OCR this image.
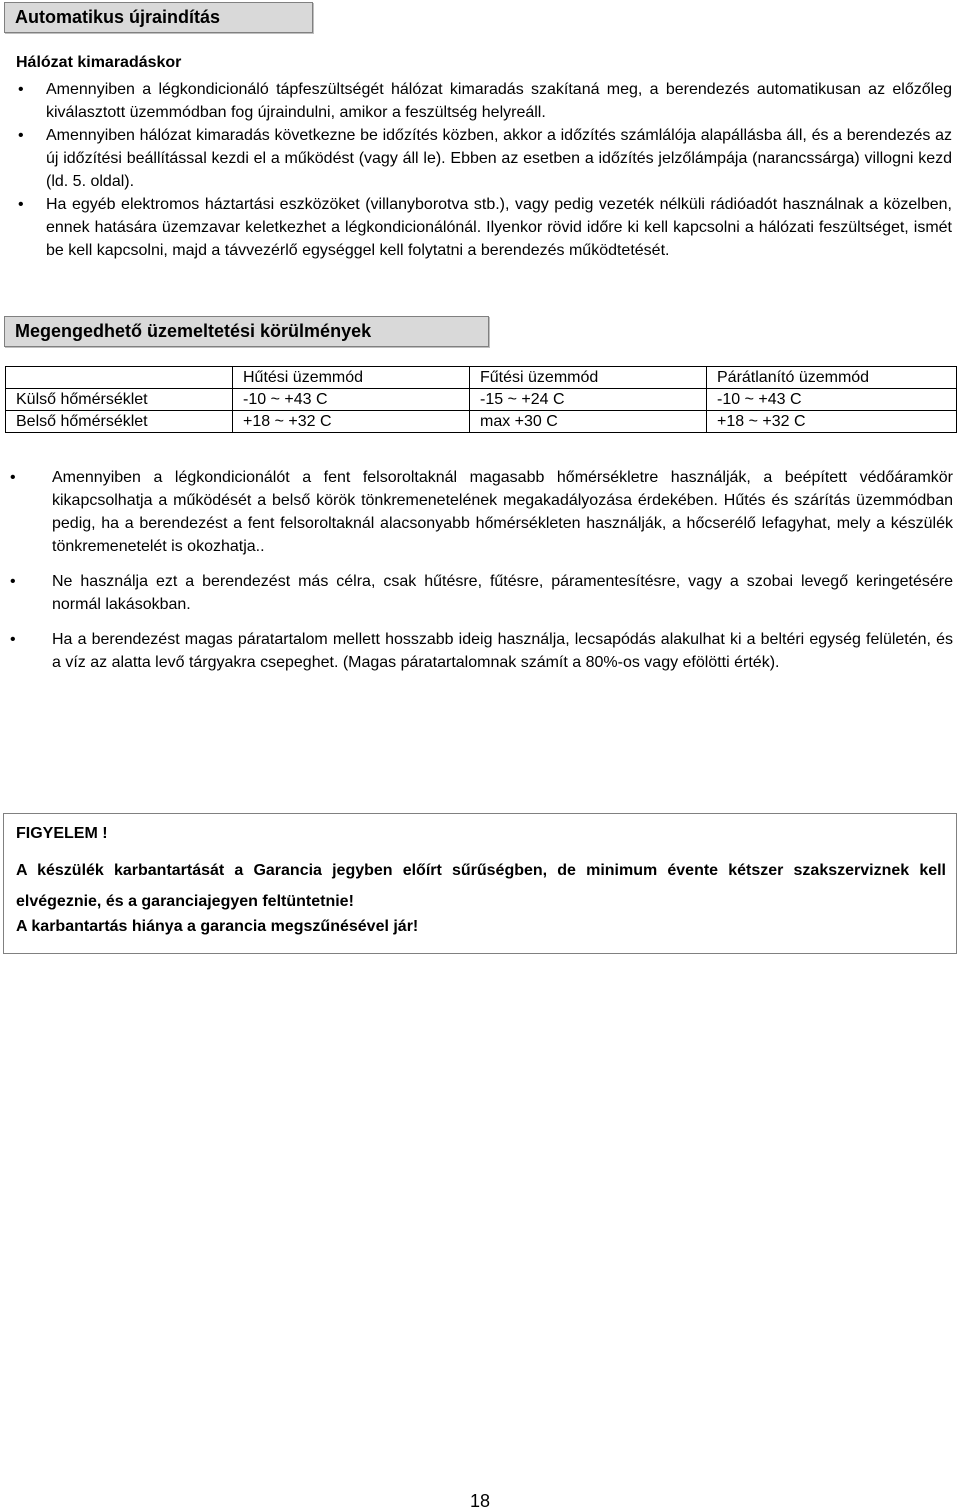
Automatikus újraindítás
Hálózat kimaradáskor
• Amennyiben a légkondicionáló tápfeszültségét hálózat kimaradás szakítaná meg, a berendezés automatikusan az előzőleg kiválasztott üzemmódban fog újraindulni, amikor a feszültség helyreáll.
• Amennyiben hálózat kimaradás következne be időzítés közben, akkor a időzítés számlálója alapállásba áll, és a berendezés az új időzítési beállítással kezdi el a működést (vagy áll le). Ebben az esetben a időzítés jelzőlámpája (narancssárga) villogni kezd (ld. 5. oldal).
• Ha egyéb elektromos háztartási eszközöket (villanyborotva stb.), vagy pedig vezeték nélküli rádióadót használnak a közelben, ennek hatására üzemzavar keletkezhet a légkondicionálónál. Ilyenkor rövid időre ki kell kapcsolni a hálózati feszültséget, ismét be kell kapcsolni, majd a távvezérlő egységgel kell folytatni a berendezés működtetését.
Megengedhető üzemeltetési körülmények
	Hűtési üzemmód	Fűtési üzemmód	Párátlanító üzemmód
Külső hőmérséklet	-10 ~ +43 C	-15 ~ +24 C	-10 ~ +43 C
Belső hőmérséklet	+18 ~ +32 C	max +30 C	+18 ~ +32 C
• Amennyiben a légkondicionálót a fent felsoroltaknál magasabb hőmérsékletre használják, a beépített védőáramkör kikapcsolhatja a működését a belső körök tönkremenetelének megakadályozása érdekében. Hűtés és szárítás üzemmódban pedig, ha a berendezést a fent felsoroltaknál alacsonyabb hőmérsékleten használják, a hőcserélő lefagyhat, mely a készülék tönkremenetelét is okozhatja..
• Ne használja ezt a berendezést más célra, csak hűtésre, fűtésre, páramentesítésre, vagy a szobai levegő keringetésére normál lakásokban.
• Ha a berendezést magas páratartalom mellett hosszabb ideig használja, lecsapódás alakulhat ki a beltéri egység felületén, és a víz az alatta levő tárgyakra csepeghet. (Magas páratartalomnak számít a 80%-os vagy efölötti érték).
FIGYELEM !
A készülék karbantartását a Garancia jegyben előírt sűrűségben, de minimum évente kétszer szakszerviznek kell elvégeznie, és a garanciajegyen feltüntetnie!
A karbantartás hiánya a garancia megszűnésével jár!
18
